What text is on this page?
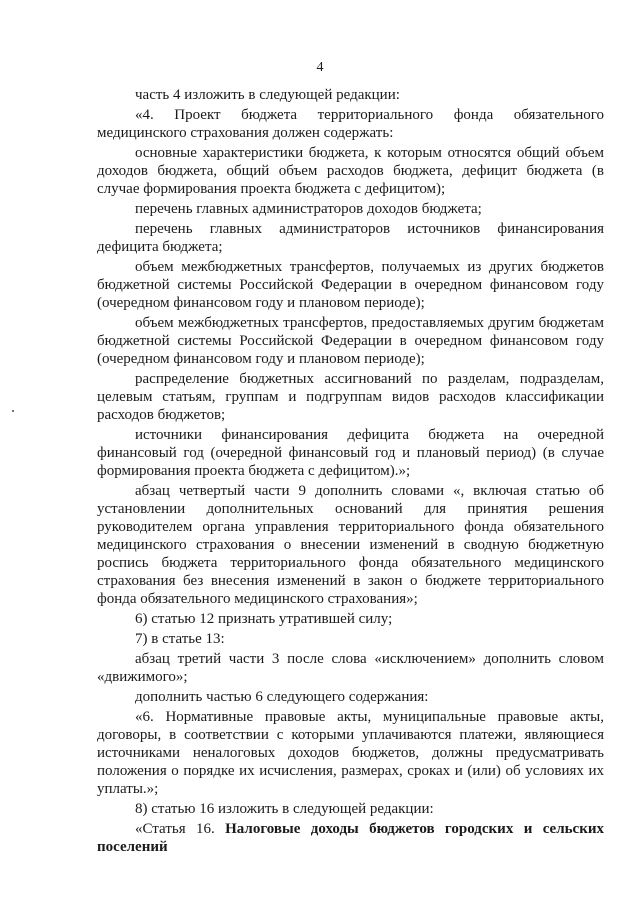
4

часть 4 изложить в следующей редакции:

«4. Проект бюджета территориального фонда обязательного медицинского страхования должен содержать:

основные характеристики бюджета, к которым относятся общий объем доходов бюджета, общий объем расходов бюджета, дефицит бюджета (в случае формирования проекта бюджета с дефицитом);

перечень главных администраторов доходов бюджета;

перечень главных администраторов источников финансирования дефицита бюджета;

объем межбюджетных трансфертов, получаемых из других бюджетов бюджетной системы Российской Федерации в очередном финансовом году (очередном финансовом году и плановом периоде);

объем межбюджетных трансфертов, предоставляемых другим бюджетам бюджетной системы Российской Федерации в очередном финансовом году (очередном финансовом году и плановом периоде);

распределение бюджетных ассигнований по разделам, подразделам, целевым статьям, группам и подгруппам видов расходов классификации расходов бюджетов;

источники финансирования дефицита бюджета на очередной финансовый год (очередной финансовый год и плановый период) (в случае формирования проекта бюджета с дефицитом).»;

абзац четвертый части 9 дополнить словами «, включая статью об установлении дополнительных оснований для принятия решения руководителем органа управления территориального фонда обязательного медицинского страхования о внесении изменений в сводную бюджетную роспись бюджета территориального фонда обязательного медицинского страхования без внесения изменений в закон о бюджете территориального фонда обязательного медицинского страхования»;

6) статью 12 признать утратившей силу;

7) в статье 13:

абзац третий части 3 после слова «исключением» дополнить словом «движимого»;

дополнить частью 6 следующего содержания:

«6. Нормативные правовые акты, муниципальные правовые акты, договоры, в соответствии с которыми уплачиваются платежи, являющиеся источниками неналоговых доходов бюджетов, должны предусматривать положения о порядке их исчисления, размерах, сроках и (или) об условиях их уплаты.»;

8) статью 16 изложить в следующей редакции:

«Статья 16. Налоговые доходы бюджетов городских и сельских поселений
